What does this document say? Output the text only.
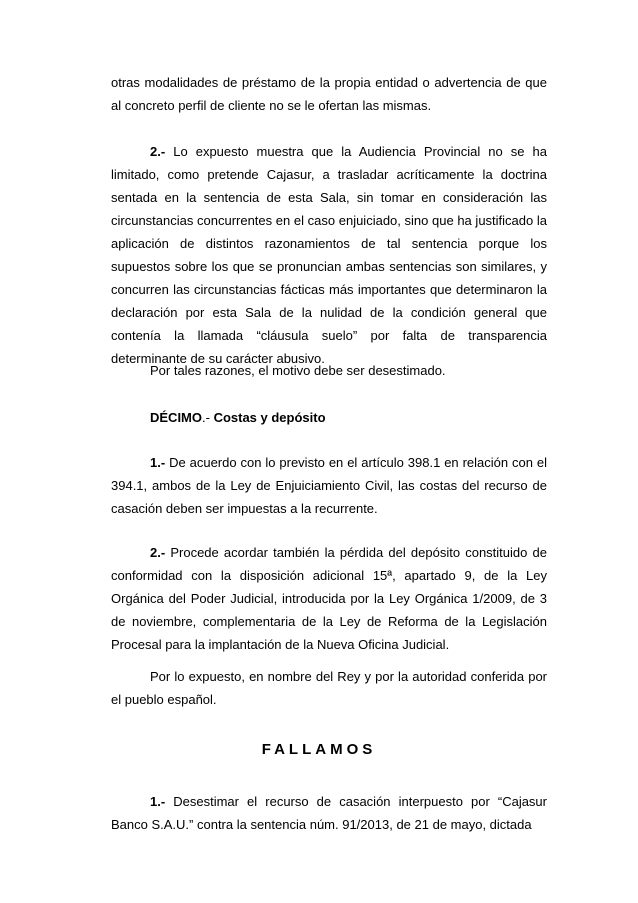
otras modalidades de préstamo de la propia entidad o advertencia de que al concreto perfil de cliente no se le ofertan las mismas.

2.- Lo expuesto muestra que la Audiencia Provincial no se ha limitado, como pretende Cajasur, a trasladar acríticamente la doctrina sentada en la sentencia de esta Sala, sin tomar en consideración las circunstancias concurrentes en el caso enjuiciado, sino que ha justificado la aplicación de distintos razonamientos de tal sentencia porque los supuestos sobre los que se pronuncian ambas sentencias son similares, y concurren las circunstancias fácticas más importantes que determinaron la declaración por esta Sala de la nulidad de la condición general que contenía la llamada “cláusula suelo” por falta de transparencia determinante de su carácter abusivo.

Por tales razones, el motivo debe ser desestimado.

DÉCIMO.- Costas y depósito

1.- De acuerdo con lo previsto en el artículo 398.1 en relación con el 394.1, ambos de la Ley de Enjuiciamiento Civil, las costas del recurso de casación deben ser impuestas a la recurrente.

2.- Procede acordar también la pérdida del depósito constituido de conformidad con la disposición adicional 15ª, apartado 9, de la Ley Orgánica del Poder Judicial, introducida por la Ley Orgánica 1/2009, de 3 de noviembre, complementaria de la Ley de Reforma de la Legislación Procesal para la implantación de la Nueva Oficina Judicial.

Por lo expuesto, en nombre del Rey y por la autoridad conferida por el pueblo español.

FALLAMOS

1.- Desestimar el recurso de casación interpuesto por “Cajasur Banco S.A.U.” contra la sentencia núm. 91/2013, de 21 de mayo, dictada
